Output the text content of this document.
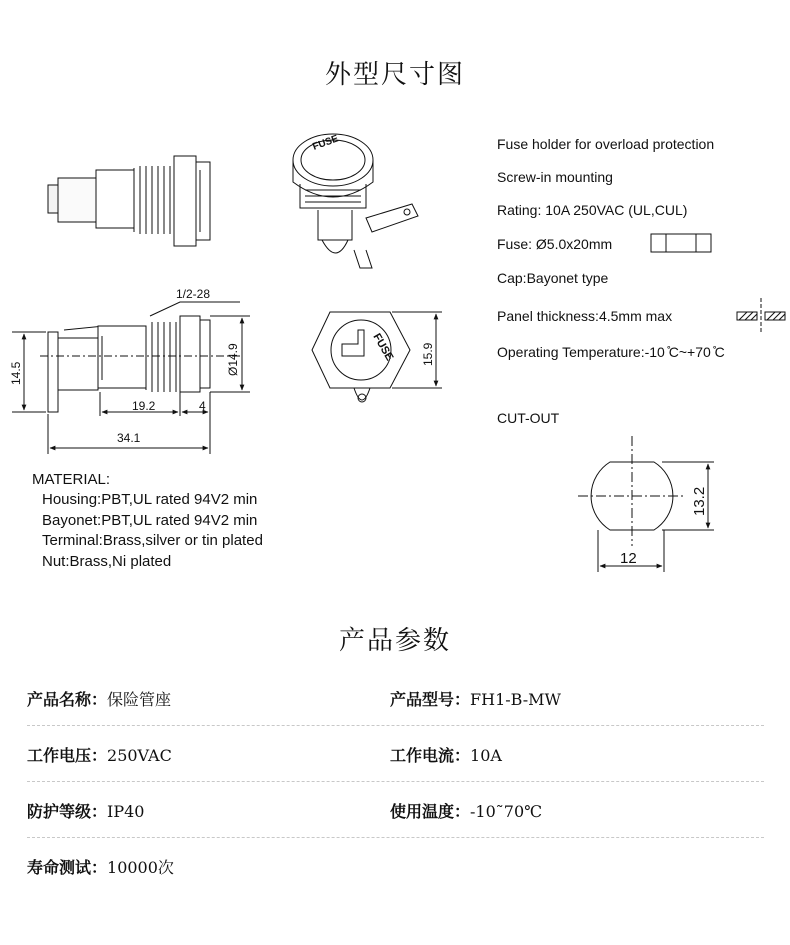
外型尺寸图
1/2-28
Ø14.9
14.5
19.2	4
34.1
15.9
FUSE
FUSE
13.2
12
Fuse holder for overload protection
Screw-in mounting
Rating: 10A 250VAC (UL,CUL)
Fuse: Ø5.0x20mm
Cap:Bayonet type
Panel thickness:4.5mm max
Operating Temperature:-10 ̊C~+70 ̊C
CUT-OUT
MATERIAL:
Housing:PBT,UL rated 94V2 min
Bayonet:PBT,UL rated 94V2 min
Terminal:Brass,silver or tin plated
Nut:Brass,Ni plated
产品参数
产品名称：保险管座	产品型号：FH1-B-MW
工作电压：250VAC	工作电流：10A
防护等级：IP40	使用温度：-10˜70℃
寿命测试：10000次
